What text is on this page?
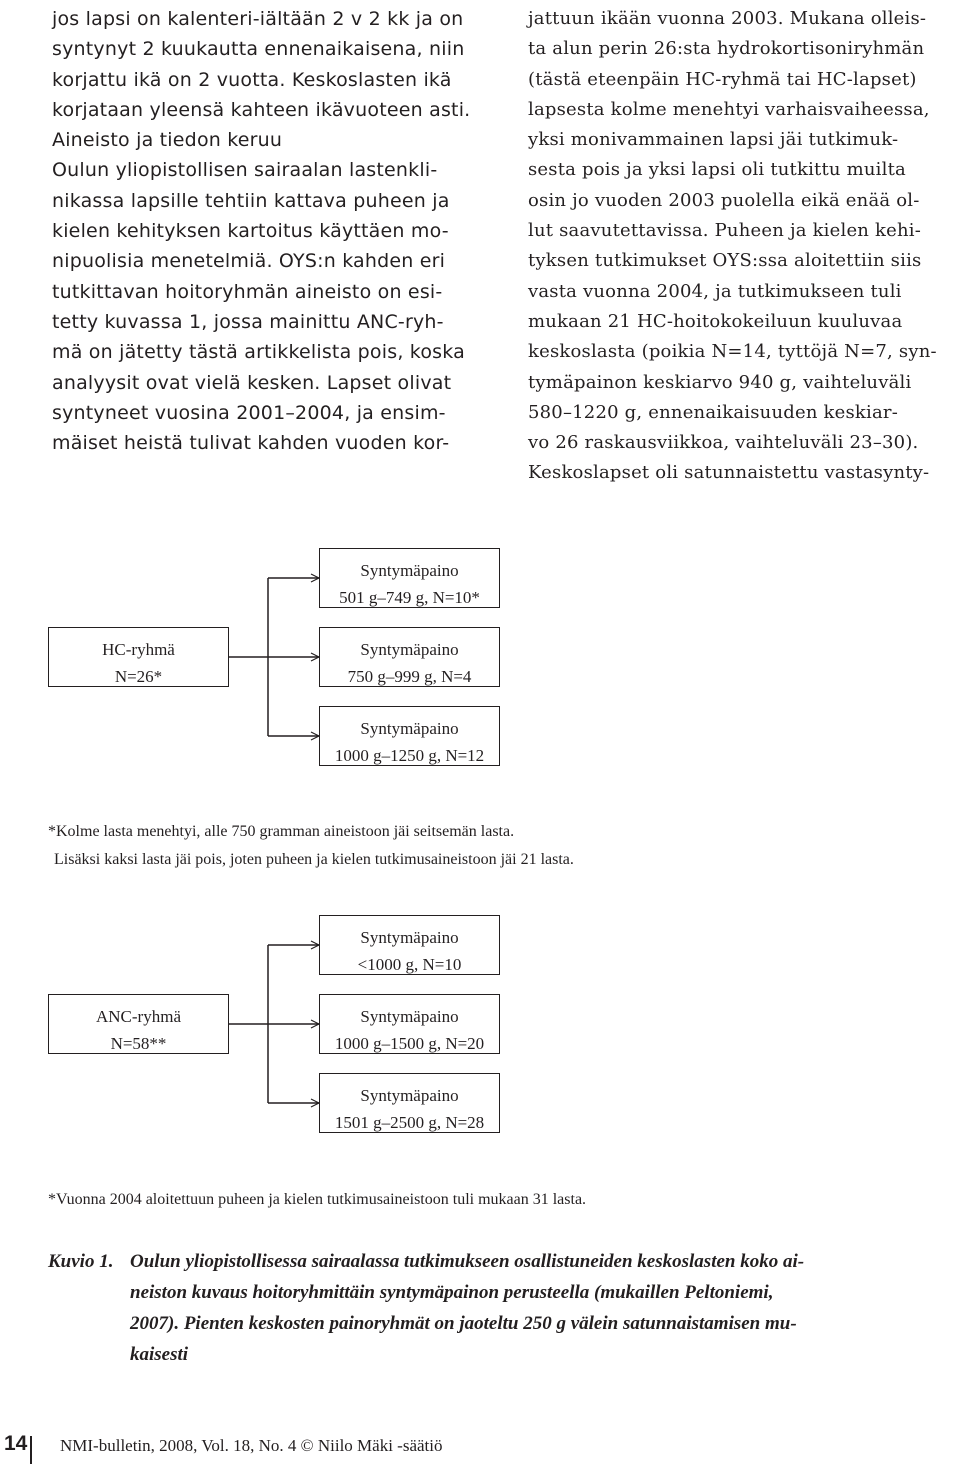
jos lapsi on kalenteri-iältään 2 v 2 kk ja on
syntynyt 2 kuukautta ennenaikaisena, niin
korjattu ikä on 2 vuotta. Keskoslasten ikä
korjataan yleensä kahteen ikävuoteen asti.

Aineisto ja tiedon keruu

Oulun yliopistollisen sairaalan lastenkli-
nikassa lapsille tehtiin kattava puheen ja
kielen kehityksen kartoitus käyttäen mo-
nipuolisia menetelmiä. OYS:n kahden eri
tutkittavan hoitoryhmän aineisto on esi-
tetty kuvassa 1, jossa mainittu ANC-ryh-
mä on jätetty tästä artikkelista pois, koska
analyysit ovat vielä kesken. Lapset olivat
syntyneet vuosina 2001–2004, ja ensim-
mäiset heistä tulivat kahden vuoden kor-

jattuun ikään vuonna 2003. Mukana olleis-
ta alun perin 26:sta hydrokortisoniryhmän
(tästä eteenpäin HC-ryhmä tai HC-lapset)
lapsesta kolme menehtyi varhaisvaiheessa,
yksi monivammainen lapsi jäi tutkimuk-
sesta pois ja yksi lapsi oli tutkittu muilta
osin jo vuoden 2003 puolella eikä enää ol-
lut saavutettavissa. Puheen ja kielen kehi-
tyksen tutkimukset OYS:ssa aloitettiin siis
vasta vuonna 2004, ja tutkimukseen tuli
mukaan 21 HC-hoitokokeiluun kuuluvaa
keskoslasta (poikia N=14, tyttöjä N=7, syn-
tymäpainon keskiarvo 940 g, vaihteluväli
580–1220 g, ennenaikaisuuden keskiar-
vo 26 raskausviikkoa, vaihteluväli 23–30).
Keskoslapset oli satunnaistettu vastasynty-

HC-ryhmä
N=26*
Syntymäpaino
501 g–749 g, N=10*
Syntymäpaino
750 g–999 g, N=4
Syntymäpaino
1000 g–1250 g, N=12
*Kolme lasta menehtyi, alle 750 gramman aineistoon jäi seitsemän lasta.
Lisäksi kaksi lasta jäi pois, joten puheen ja kielen tutkimusaineistoon jäi 21 lasta.
ANC-ryhmä
N=58**
Syntymäpaino
<1000 g, N=10
Syntymäpaino
1000 g–1500 g, N=20
Syntymäpaino
1501 g–2500 g, N=28
*Vuonna 2004 aloitettuun puheen ja kielen tutkimusaineistoon tuli mukaan 31 lasta.
Kuvio 1. Oulun yliopistollisessa sairaalassa tutkimukseen osallistuneiden keskoslasten koko ai-
neiston kuvaus hoitoryhmittäin syntymäpainon perusteella (mukaillen Peltoniemi,
2007). Pienten keskosten painoryhmät on jaoteltu 250 g välein satunnaistamisen mu-
kaisesti
14 NMI-bulletin, 2008, Vol. 18, No. 4 © Niilo Mäki -säätiö
